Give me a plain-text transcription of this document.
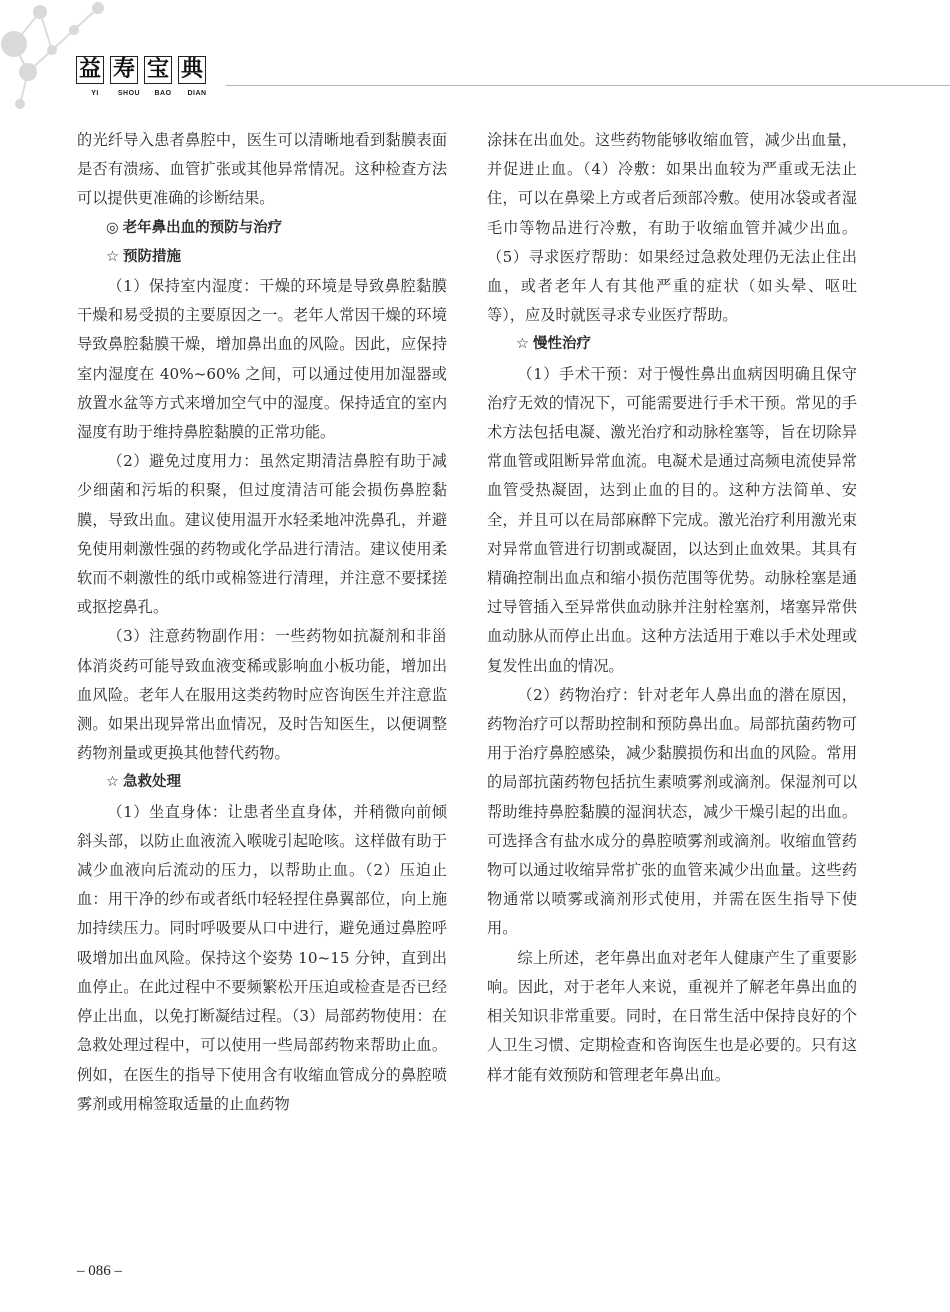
益 寿 宝 典
YI	SHOU	BAO	DIAN

的光纤导入患者鼻腔中，医生可以清晰地看到黏膜表面是否有溃疡、血管扩张或其他异常情况。这种检查方法可以提供更准确的诊断结果。

◎ 老年鼻出血的预防与治疗

☆ 预防措施

（1）保持室内湿度：干燥的环境是导致鼻腔黏膜干燥和易受损的主要原因之一。老年人常因干燥的环境导致鼻腔黏膜干燥，增加鼻出血的风险。因此，应保持室内湿度在 40%~60% 之间，可以通过使用加湿器或放置水盆等方式来增加空气中的湿度。保持适宜的室内湿度有助于维持鼻腔黏膜的正常功能。

（2）避免过度用力：虽然定期清洁鼻腔有助于减少细菌和污垢的积聚，但过度清洁可能会损伤鼻腔黏膜，导致出血。建议使用温开水轻柔地冲洗鼻孔，并避免使用刺激性强的药物或化学品进行清洁。建议使用柔软而不刺激性的纸巾或棉签进行清理，并注意不要揉搓或抠挖鼻孔。

（3）注意药物副作用：一些药物如抗凝剂和非甾体消炎药可能导致血液变稀或影响血小板功能，增加出血风险。老年人在服用这类药物时应咨询医生并注意监测。如果出现异常出血情况，及时告知医生，以便调整药物剂量或更换其他替代药物。

☆ 急救处理

（1）坐直身体：让患者坐直身体，并稍微向前倾斜头部，以防止血液流入喉咙引起呛咳。这样做有助于减少血液向后流动的压力，以帮助止血。（2）压迫止血：用干净的纱布或者纸巾轻轻捏住鼻翼部位，向上施加持续压力。同时呼吸要从口中进行，避免通过鼻腔呼吸增加出血风险。保持这个姿势 10~15 分钟，直到出血停止。在此过程中不要频繁松开压迫或检查是否已经停止出血，以免打断凝结过程。（3）局部药物使用：在急救处理过程中，可以使用一些局部药物来帮助止血。例如，在医生的指导下使用含有收缩血管成分的鼻腔喷雾剂或用棉签取适量的止血药物

涂抹在出血处。这些药物能够收缩血管，减少出血量，并促进止血。（4）冷敷：如果出血较为严重或无法止住，可以在鼻梁上方或者后颈部冷敷。使用冰袋或者湿毛巾等物品进行冷敷，有助于收缩血管并减少出血。（5）寻求医疗帮助：如果经过急救处理仍无法止住出血，或者老年人有其他严重的症状（如头晕、呕吐等），应及时就医寻求专业医疗帮助。

☆ 慢性治疗

（1）手术干预：对于慢性鼻出血病因明确且保守治疗无效的情况下，可能需要进行手术干预。常见的手术方法包括电凝、激光治疗和动脉栓塞等，旨在切除异常血管或阻断异常血流。电凝术是通过高频电流使异常血管受热凝固，达到止血的目的。这种方法简单、安全，并且可以在局部麻醉下完成。激光治疗利用激光束对异常血管进行切割或凝固，以达到止血效果。其具有精确控制出血点和缩小损伤范围等优势。动脉栓塞是通过导管插入至异常供血动脉并注射栓塞剂，堵塞异常供血动脉从而停止出血。这种方法适用于难以手术处理或复发性出血的情况。

（2）药物治疗：针对老年人鼻出血的潜在原因，药物治疗可以帮助控制和预防鼻出血。局部抗菌药物可用于治疗鼻腔感染，减少黏膜损伤和出血的风险。常用的局部抗菌药物包括抗生素喷雾剂或滴剂。保湿剂可以帮助维持鼻腔黏膜的湿润状态，减少干燥引起的出血。可选择含有盐水成分的鼻腔喷雾剂或滴剂。收缩血管药物可以通过收缩异常扩张的血管来减少出血量。这些药物通常以喷雾或滴剂形式使用，并需在医生指导下使用。

综上所述，老年鼻出血对老年人健康产生了重要影响。因此，对于老年人来说，重视并了解老年鼻出血的相关知识非常重要。同时，在日常生活中保持良好的个人卫生习惯、定期检查和咨询医生也是必要的。只有这样才能有效预防和管理老年鼻出血。

– 086 –
